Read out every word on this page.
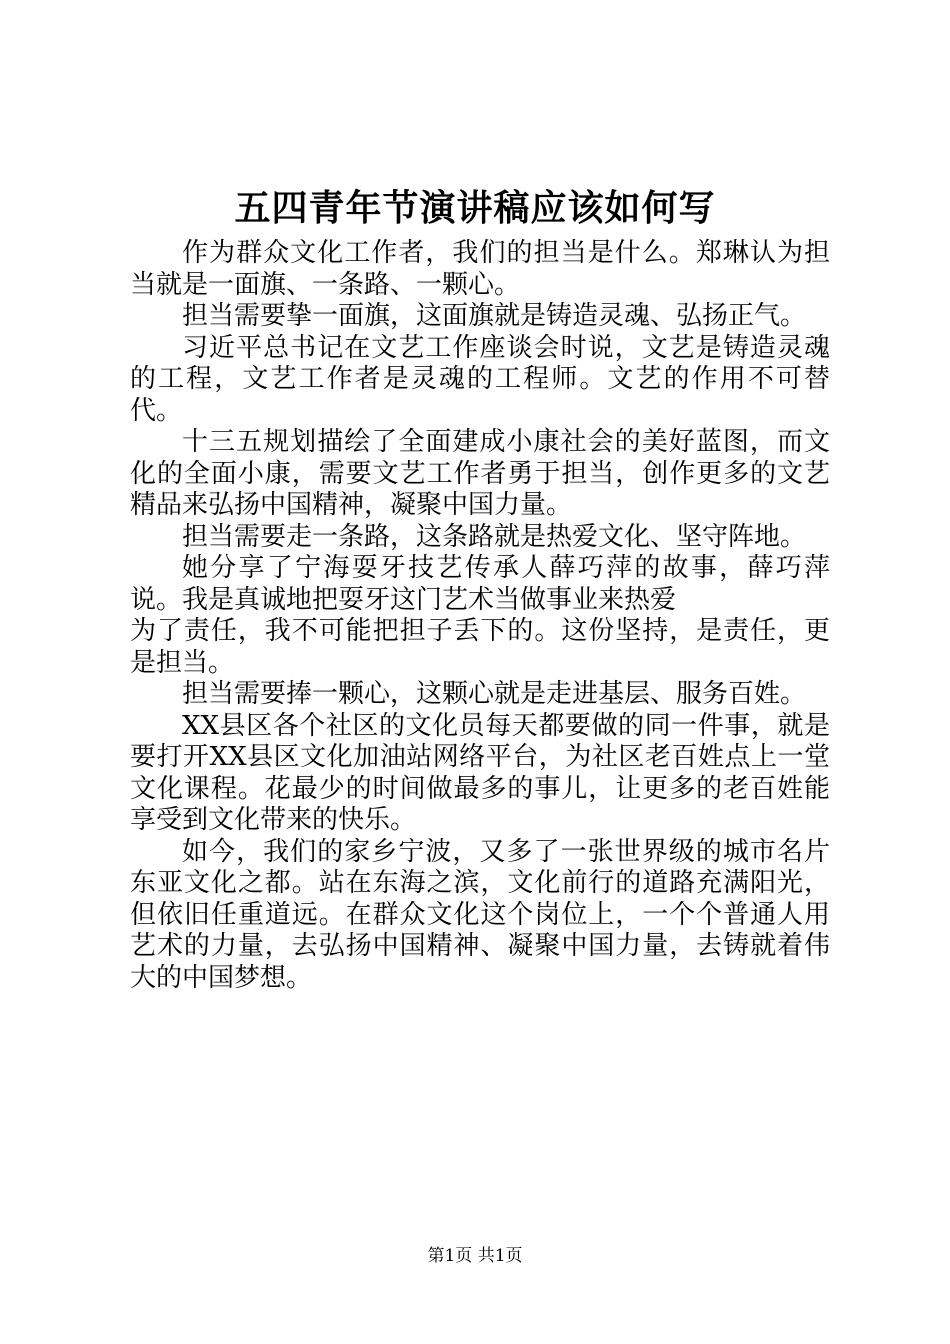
五四青年节演讲稿应该如何写

作为群众文化工作者，我们的担当是什么。郑琳认为担当就是一面旗、一条路、一颗心。

担当需要挚一面旗，这面旗就是铸造灵魂、弘扬正气。

习近平总书记在文艺工作座谈会时说，文艺是铸造灵魂的工程，文艺工作者是灵魂的工程师。文艺的作用不可替代。

十三五规划描绘了全面建成小康社会的美好蓝图，而文化的全面小康，需要文艺工作者勇于担当，创作更多的文艺精品来弘扬中国精神，凝聚中国力量。

担当需要走一条路，这条路就是热爱文化、坚守阵地。

她分享了宁海耍牙技艺传承人薛巧萍的故事，薛巧萍说。我是真诚地把耍牙这门艺术当做事业来热爱

为了责任，我不可能把担子丢下的。这份坚持，是责任，更是担当。

担当需要捧一颗心，这颗心就是走进基层、服务百姓。

XX县区各个社区的文化员每天都要做的同一件事，就是要打开XX县区文化加油站网络平台，为社区老百姓点上一堂文化课程。花最少的时间做最多的事儿，让更多的老百姓能享受到文化带来的快乐。

如今，我们的家乡宁波，又多了一张世界级的城市名片东亚文化之都。站在东海之滨，文化前行的道路充满阳光，但依旧任重道远。在群众文化这个岗位上，一个个普通人用艺术的力量，去弘扬中国精神、凝聚中国力量，去铸就着伟大的中国梦想。

第1页 共1页
